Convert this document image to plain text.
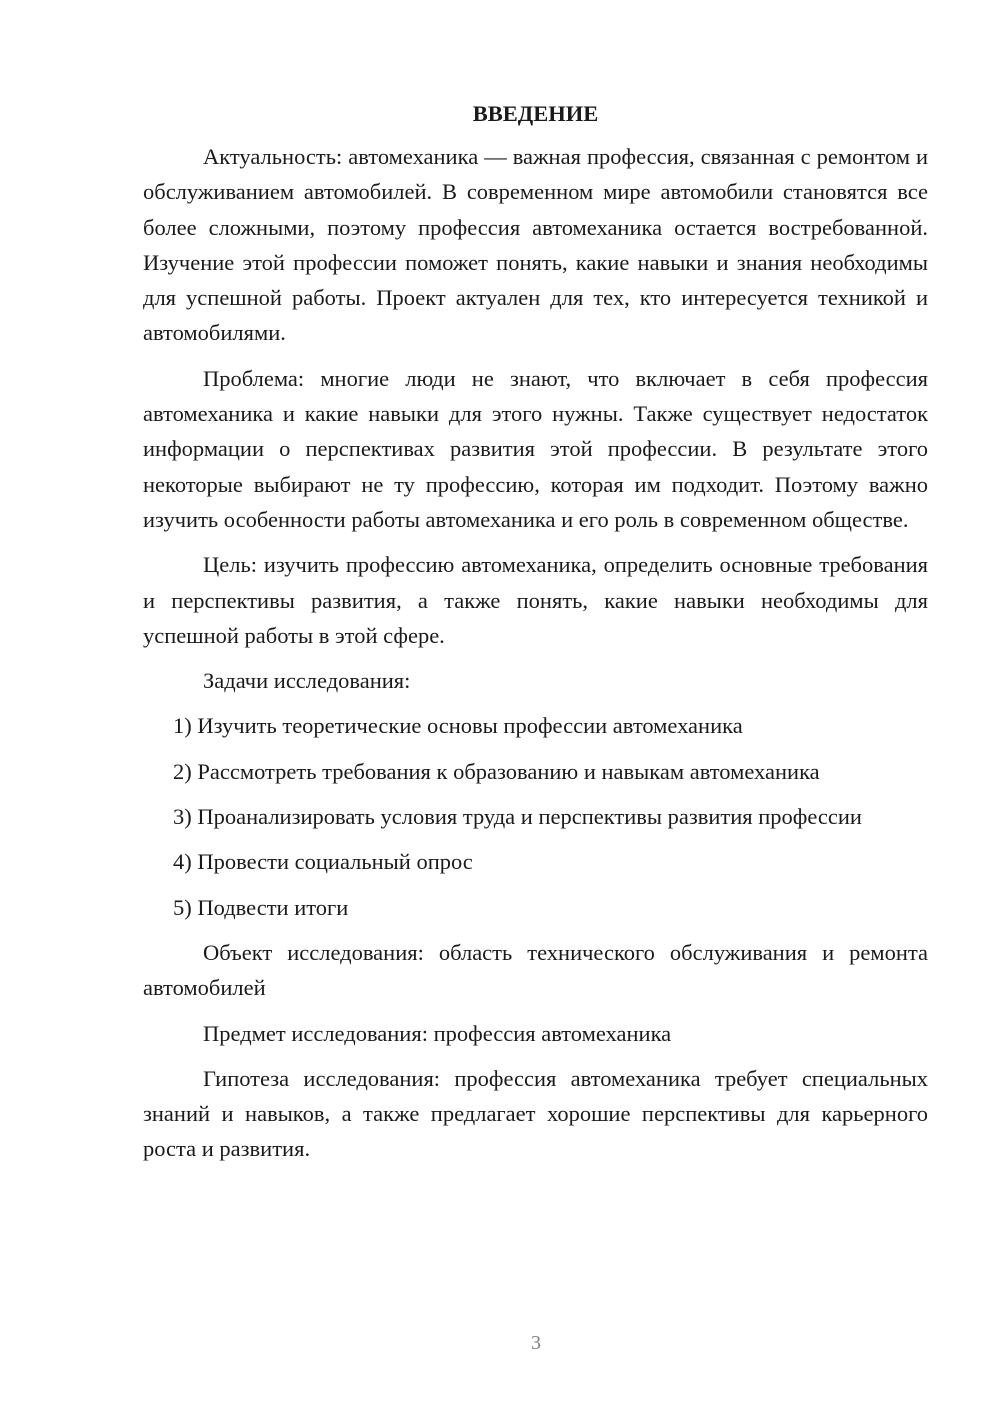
ВВЕДЕНИЕ

Актуальность: автомеханика — важная профессия, связанная с ремонтом и обслуживанием автомобилей. В современном мире автомобили становятся все более сложными, поэтому профессия автомеханика остается востребованной. Изучение этой профессии поможет понять, какие навыки и знания необходимы для успешной работы. Проект актуален для тех, кто интересуется техникой и автомобилями.

Проблема: многие люди не знают, что включает в себя профессия автомеханика и какие навыки для этого нужны. Также существует недостаток информации о перспективах развития этой профессии. В результате этого некоторые выбирают не ту профессию, которая им подходит. Поэтому важно изучить особенности работы автомеханика и его роль в современном обществе.

Цель: изучить профессию автомеханика, определить основные требования и перспективы развития, а также понять, какие навыки необходимы для успешной работы в этой сфере.

Задачи исследования:

1) Изучить теоретические основы профессии автомеханика

2) Рассмотреть требования к образованию и навыкам автомеханика

3) Проанализировать условия труда и перспективы развития профессии

4) Провести социальный опрос

5) Подвести итоги

Объект исследования: область технического обслуживания и ремонта автомобилей

Предмет исследования: профессия автомеханика

Гипотеза исследования: профессия автомеханика требует специальных знаний и навыков, а также предлагает хорошие перспективы для карьерного роста и развития.

3
